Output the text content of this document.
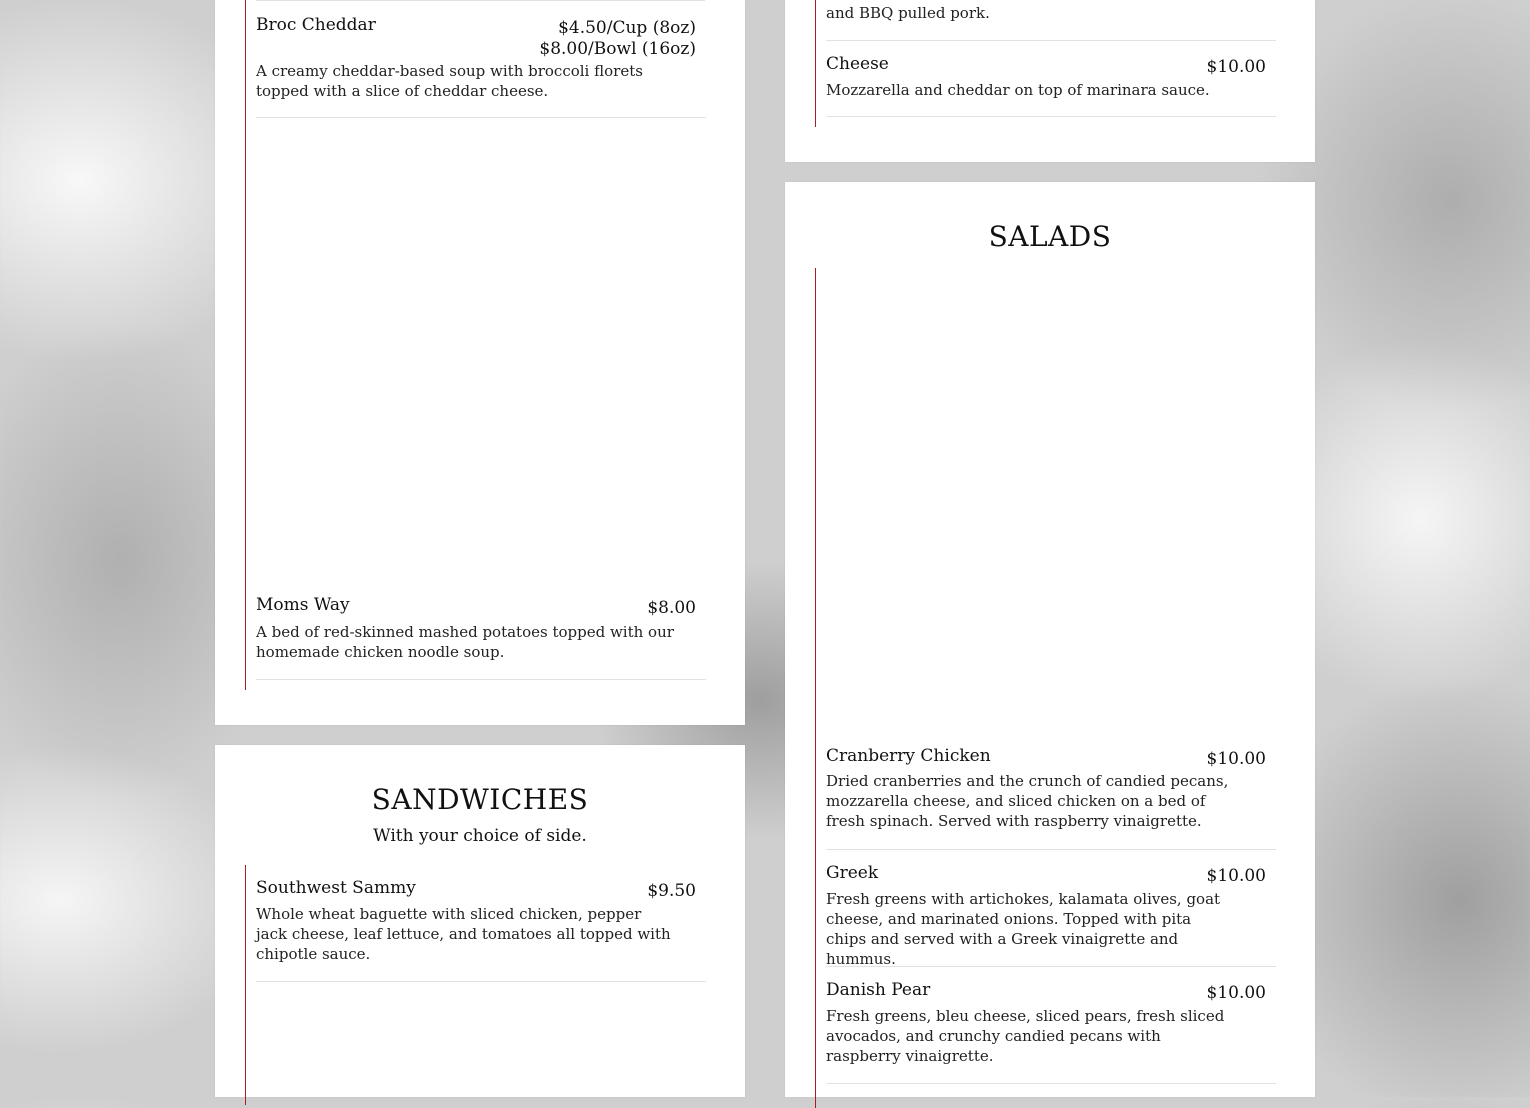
Broc Cheddar	$4.50/Cup (8oz)
$8.00/Bowl (16oz)
A creamy cheddar-based soup with broccoli florets topped with a slice of cheddar cheese.
Moms Way	$8.00
A bed of red-skinned mashed potatoes topped with our homemade chicken noodle soup.
SANDWICHES
With your choice of side.
Southwest Sammy	$9.50
Whole wheat baguette with sliced chicken, pepper jack cheese, leaf lettuce, and tomatoes all topped with chipotle sauce.
and BBQ pulled pork.
Cheese	$10.00
Mozzarella and cheddar on top of marinara sauce.
SALADS
Cranberry Chicken	$10.00
Dried cranberries and the crunch of candied pecans, mozzarella cheese, and sliced chicken on a bed of fresh spinach. Served with raspberry vinaigrette.
Greek	$10.00
Fresh greens with artichokes, kalamata olives, goat cheese, and marinated onions. Topped with pita chips and served with a Greek vinaigrette and hummus.
Danish Pear	$10.00
Fresh greens, bleu cheese, sliced pears, fresh sliced avocados, and crunchy candied pecans with raspberry vinaigrette.
